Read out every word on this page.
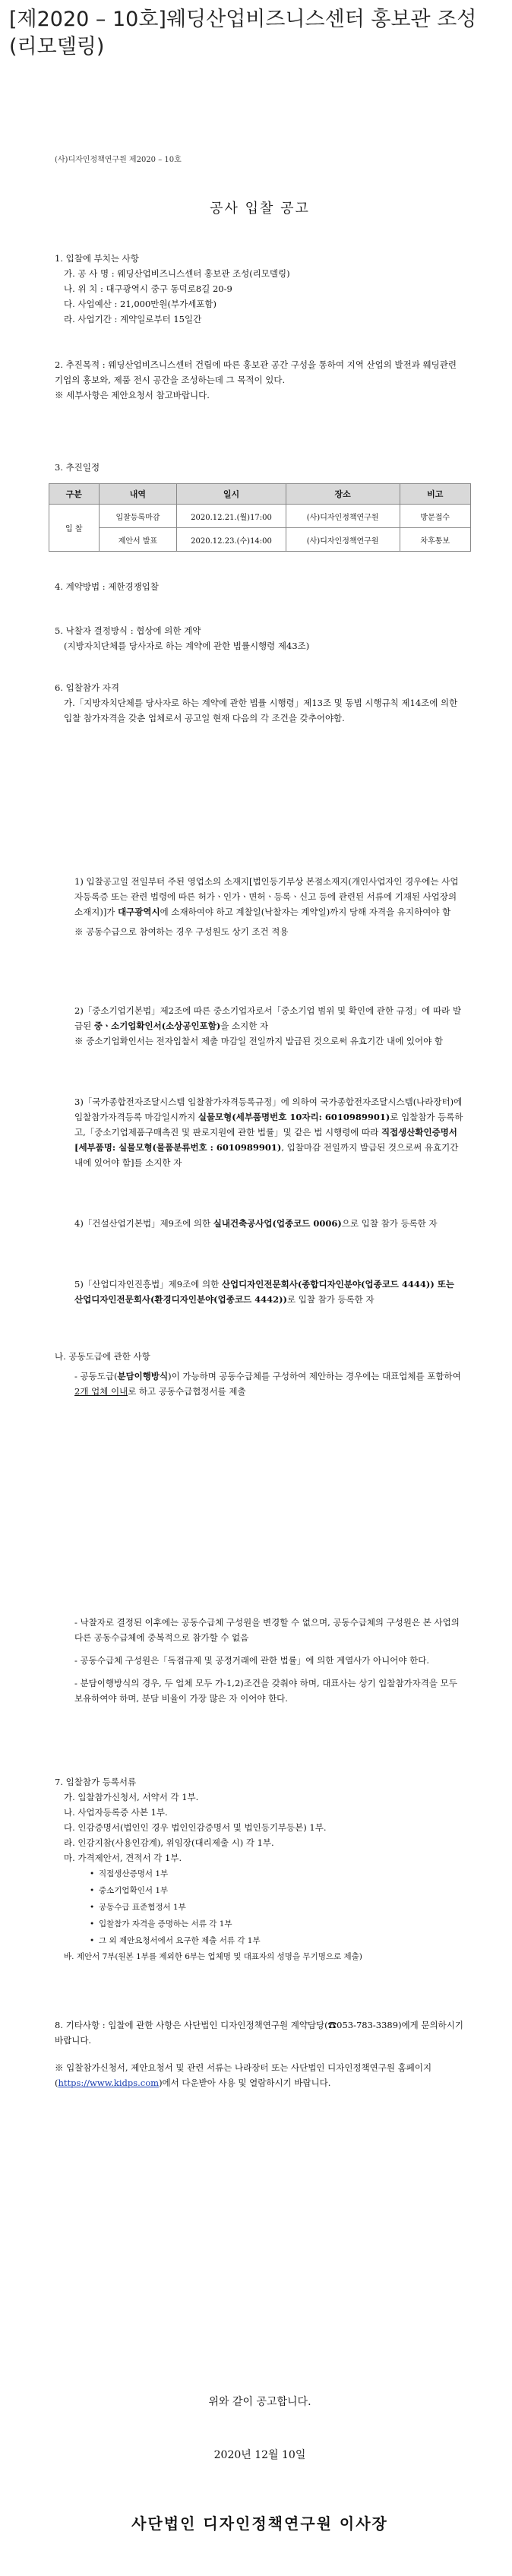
[제2020 – 10호]웨딩산업비즈니스센터 홍보관 조성(리모델링)
(사)디자인정책연구원 제2020 – 10호
공사 입찰 공고

1. 입찰에 부치는 사항

가. 공 사 명 : 웨딩산업비즈니스센터 홍보관 조성(리모델링)

나. 위 치 : 대구광역시 중구 동덕로8길 20-9

다. 사업예산 : 21,000만원(부가세포함)

라. 사업기간 : 계약일로부터 15일간

2. 추진목적 : 웨딩산업비즈니스센터 건립에 따른 홍보관 공간 구성을 통하여 지역 산업의 발전과 웨딩관련 기업의 홍보와, 제품 전시 공간을 조성하는데 그 목적이 있다.

※ 세부사항은 제안요청서 참고바랍니다.

3. 추진일정

구분	내역	일시	장소	비고
입 찰	입찰등록마감	2020.12.21.(월)17:00	(사)디자인정책연구원	방문접수
	제안서 발표	2020.12.23.(수)14:00	(사)디자인정책연구원	차후통보

4. 계약방법 : 제한경쟁입찰

5. 낙찰자 결정방식 : 협상에 의한 계약

(지방자치단체를 당사자로 하는 계약에 관한 법률시행령 제43조)

6. 입찰참가 자격

가.「지방자치단체를 당사자로 하는 계약에 관한 법률 시행령」제13조 및 동법 시행규칙 제14조에 의한 입찰 참가자격을 갖춘 업체로서 공고일 현재 다음의 각 조건을 갖추어야함.

1) 입찰공고일 전일부터 주된 영업소의 소재지[법인등기부상 본점소재지(개인사업자인 경우에는 사업자등록증 또는 관련 법령에 따른 허가ㆍ인가ㆍ면허ㆍ등록ㆍ신고 등에 관련된 서류에 기재된 사업장의 소재지)]가 대구광역시에 소재하여야 하고 계찰일(낙찰자는 계약일)까지 당해 자격을 유지하여야 함

※ 공동수급으로 참여하는 경우 구성원도 상기 조건 적용

2)「중소기업기본법」제2조에 따른 중소기업자로서「중소기업 범위 및 확인에 관한 규정」에 따라 발급된 중ㆍ소기업확인서(소상공인포함)을 소지한 자

※ 중소기업확인서는 전자입찰서 제출 마감일 전일까지 발급된 것으로써 유효기간 내에 있어야 함

3)「국가종합전자조달시스템 입찰참가자격등록규정」에 의하여 국가종합전자조달시스템(나라장터)에 입찰참가자격등록 마감일시까지 실물모형(세부품명번호 10자리: 6010989901)로 입찰참가 등록하고,「중소기업제품구매촉진 및 판로지원에 관한 법률」및 같은 법 시행령에 따라 직접생산확인증명서[세부품명: 실물모형(물품분류번호 : 6010989901), 입찰마감 전일까지 발급된 것으로써 유효기간 내에 있어야 함]를 소지한 자

4)「건설산업기본법」제9조에 의한 실내건축공사업(업종코드 0006)으로 입찰 참가 등록한 자

5)「산업디자인진흥법」제9조에 의한 산업디자인전문회사(종합디자인분야(업종코드 4444)) 또는 산업디자인전문회사(환경디자인분야(업종코드 4442))로 입찰 참가 등록한 자

나. 공동도급에 관한 사항

- 공동도급(분담이행방식)이 가능하며 공동수급체를 구성하여 제안하는 경우에는 대표업체를 포함하여 2개 업체 이내로 하고 공동수급협정서를 제출

- 낙찰자로 결정된 이후에는 공동수급체 구성원을 변경할 수 없으며, 공동수급체의 구성원은 본 사업의 다른 공동수급체에 중복적으로 참가할 수 없음

- 공동수급체 구성원은「독점규제 및 공정거래에 관한 법률」에 의한 계열사가 아니어야 한다.

- 분담이행방식의 경우, 두 업체 모두 가-1,2)조건을 갖춰야 하며, 대표사는 상기 입찰참가자격을 모두 보유하여야 하며, 분담 비율이 가장 많은 자 이어야 한다.

7. 입찰참가 등록서류

가. 입찰참가신청서, 서약서 각 1부.

나. 사업자등록증 사본 1부.

다. 인감증명서(법인인 경우 법인인감증명서 및 법인등기부등본) 1부.

라. 인감지참(사용인감계), 위임장(대리제출 시) 각 1부.

마. 가격제안서, 견적서 각 1부.

• 직접생산증명서 1부

• 중소기업확인서 1부

• 공동수급 표준협정서 1부

• 입찰참가 자격을 증명하는 서류 각 1부

• 그 외 제안요청서에서 요구한 제출 서류 각 1부

바. 제안서 7부(원본 1부를 제외한 6부는 업체명 및 대표자의 성명을 무기명으로 제출)

8. 기타사항 : 입찰에 관한 사항은 사단법인 디자인정책연구원 계약담당(☎053-783-3389)에게 문의하시기 바랍니다.

※ 입찰참가신청서, 제안요청서 및 관련 서류는 나라장터 또는 사단법인 디자인정책연구원 홈페이지(https://www.kidps.com)에서 다운받아 사용 및 열람하시기 바랍니다.

위와 같이 공고합니다.
2020년 12월 10일
사단법인 디자인정책연구원 이사장
